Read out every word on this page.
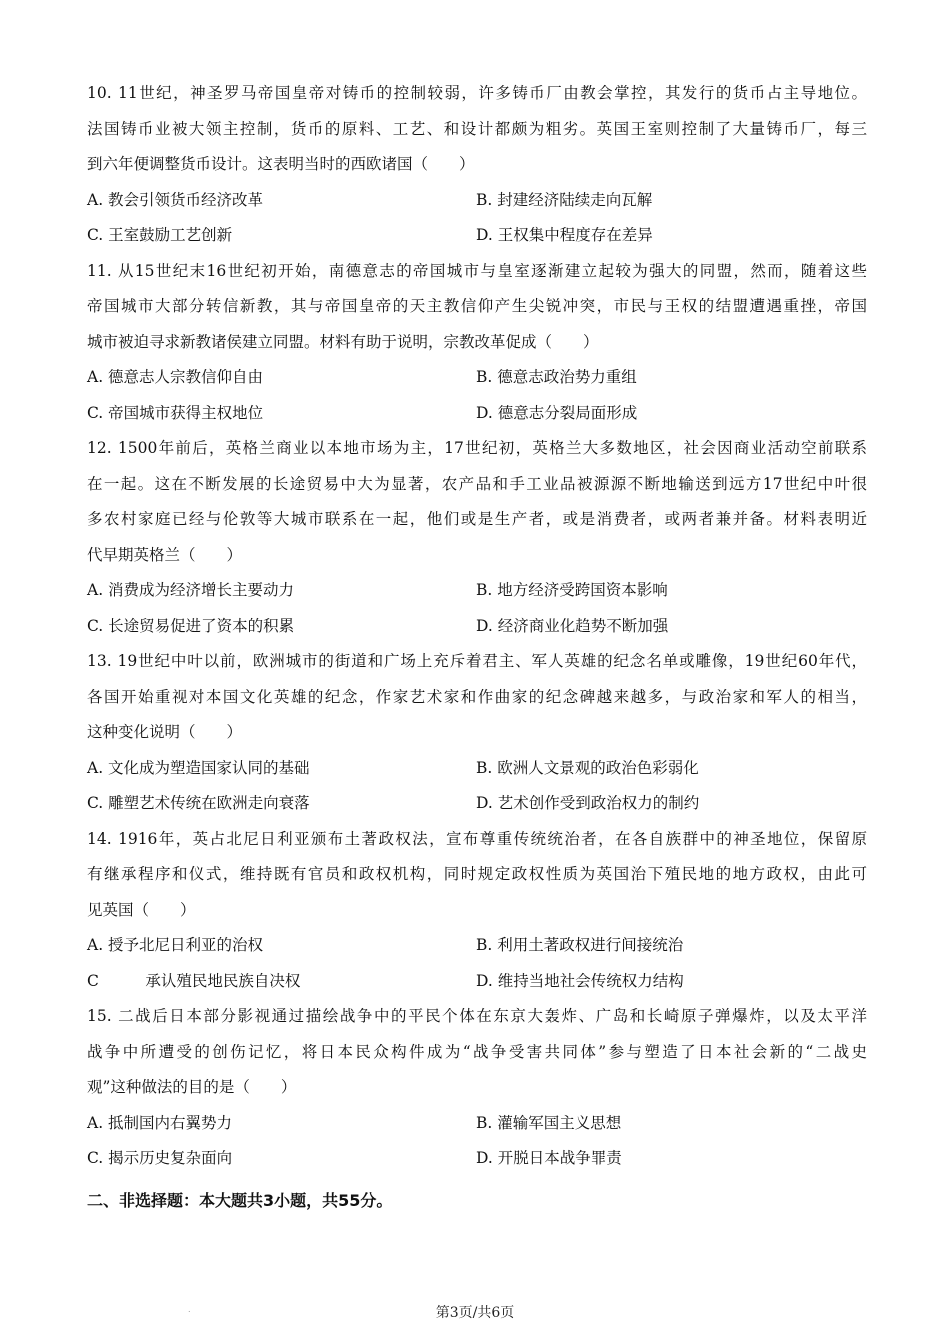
10. 11世纪，神圣罗马帝国皇帝对铸币的控制较弱，许多铸币厂由教会掌控，其发行的货币占主导地位。
法国铸币业被大领主控制，货币的原料、工艺、和设计都颇为粗劣。英国王室则控制了大量铸币厂，每三
到六年便调整货币设计。这表明当时的西欧诸国（　　）
A. 教会引领货币经济改革	B. 封建经济陆续走向瓦解
C. 王室鼓励工艺创新	D. 王权集中程度存在差异
11. 从15世纪末16世纪初开始，南德意志的帝国城市与皇室逐渐建立起较为强大的同盟，然而，随着这些
帝国城市大部分转信新教，其与帝国皇帝的天主教信仰产生尖锐冲突，市民与王权的结盟遭遇重挫，帝国
城市被迫寻求新教诸侯建立同盟。材料有助于说明，宗教改革促成（　　）
A. 德意志人宗教信仰自由	B. 德意志政治势力重组
C. 帝国城市获得主权地位	D. 德意志分裂局面形成
12. 1500年前后，英格兰商业以本地市场为主，17世纪初，英格兰大多数地区，社会因商业活动空前联系
在一起。这在不断发展的长途贸易中大为显著，农产品和手工业品被源源不断地输送到远方17世纪中叶很
多农村家庭已经与伦敦等大城市联系在一起，他们或是生产者，或是消费者，或两者兼并备。材料表明近
代早期英格兰（　　）
A. 消费成为经济增长主要动力	B. 地方经济受跨国资本影响
C. 长途贸易促进了资本的积累	D. 经济商业化趋势不断加强
13. 19世纪中叶以前，欧洲城市的街道和广场上充斥着君主、军人英雄的纪念名单或雕像，19世纪60年代，
各国开始重视对本国文化英雄的纪念，作家艺术家和作曲家的纪念碑越来越多，与政治家和军人的相当，
这种变化说明（　　）
A. 文化成为塑造国家认同的基础	B. 欧洲人文景观的政治色彩弱化
C. 雕塑艺术传统在欧洲走向衰落	D. 艺术创作受到政治权力的制约
14. 1916年，英占北尼日利亚颁布土著政权法，宣布尊重传统统治者，在各自族群中的神圣地位，保留原
有继承程序和仪式，维持既有官员和政权机构，同时规定政权性质为英国治下殖民地的地方政权，由此可
见英国（　　）
A. 授予北尼日利亚的治权	B. 利用土著政权进行间接统治
C　　　承认殖民地民族自决权	D. 维持当地社会传统权力结构
15. 二战后日本部分影视通过描绘战争中的平民个体在东京大轰炸、广岛和长崎原子弹爆炸，以及太平洋
战争中所遭受的创伤记忆，将日本民众构件成为“战争受害共同体”参与塑造了日本社会新的“二战史
观”这种做法的目的是（　　）
A. 抵制国内右翼势力	B. 灌输军国主义思想
C. 揭示历史复杂面向	D. 开脱日本战争罪责
二、非选择题：本大题共3小题，共55分。
.	第3页/共6页
